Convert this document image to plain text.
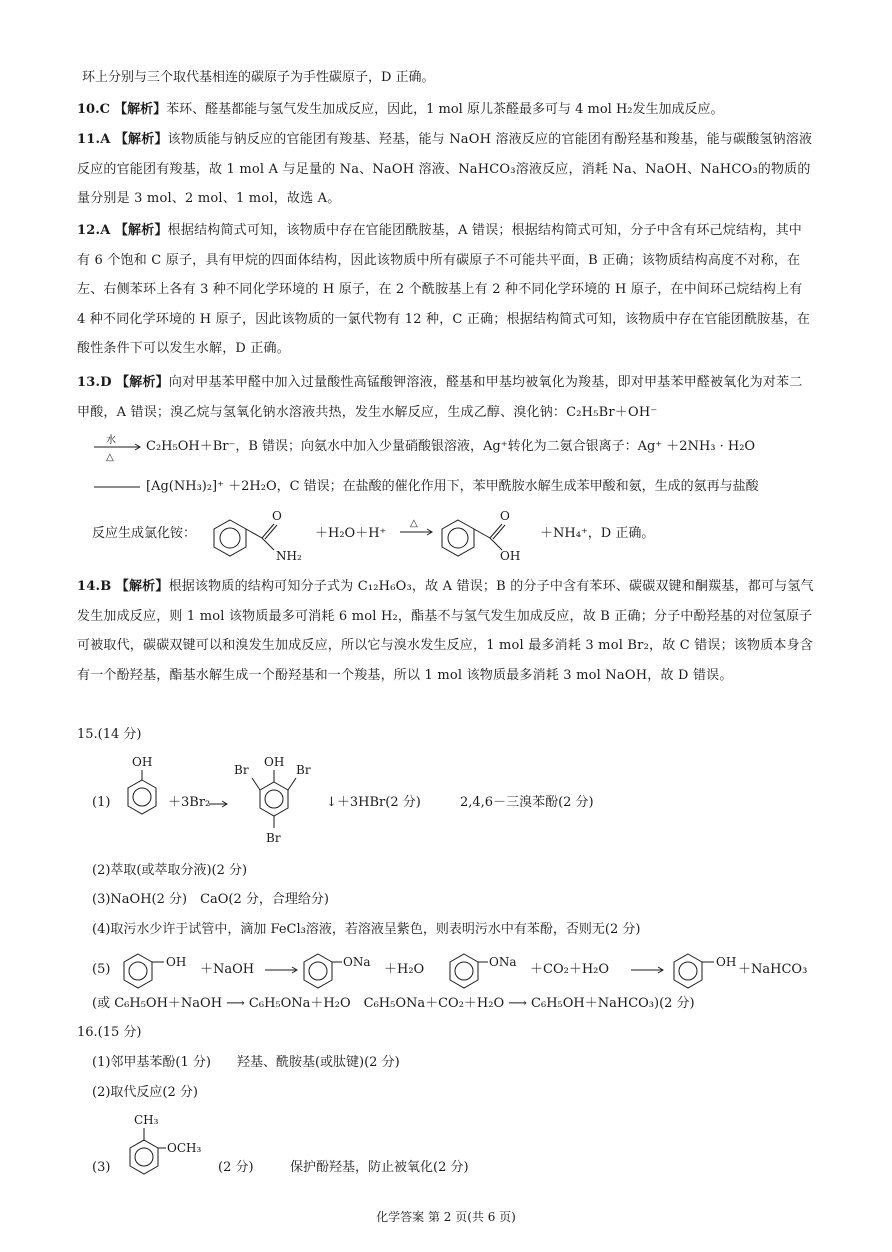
环上分别与三个取代基相连的碳原子为手性碳原子，D 正确。
10.C 【解析】苯环、醛基都能与氢气发生加成反应，因此，1 mol 原儿茶醛最多可与 4 mol H₂发生加成反应。
11.A 【解析】该物质能与钠反应的官能团有羧基、羟基，能与 NaOH 溶液反应的官能团有酚羟基和羧基，能与碳酸氢钠溶液反应的官能团有羧基，故 1 mol A 与足量的 Na、NaOH 溶液、NaHCO₃溶液反应，消耗 Na、NaOH、NaHCO₃的物质的量分别是 3 mol、2 mol、1 mol，故选 A。
12.A 【解析】根据结构简式可知，该物质中存在官能团酰胺基，A 错误；根据结构简式可知，分子中含有环己烷结构，其中有 6 个饱和 C 原子，具有甲烷的四面体结构，因此该物质中所有碳原子不可能共平面，B 正确；该物质结构高度不对称，在左、右侧苯环上各有 3 种不同化学环境的 H 原子，在 2 个酰胺基上有 2 种不同化学环境的 H 原子，在中间环己烷结构上有 4 种不同化学环境的 H 原子，因此该物质的一氯代物有 12 种，C 正确；根据结构简式可知，该物质中存在官能团酰胺基，在酸性条件下可以发生水解，D 正确。
13.D 【解析】向对甲基苯甲醛中加入过量酸性高锰酸钾溶液，醛基和甲基均被氧化为羧基，即对甲基苯甲醛被氧化为对苯二甲酸，A 错误；溴乙烷与氢氧化钠水溶液共热，发生水解反应，生成乙醇、溴化钠：C₂H₅Br＋OH⁻
水
△
C₂H₅OH＋Br⁻，B 错误；向氨水中加入少量硝酸银溶液，Ag⁺转化为二氨合银离子：Ag⁺ ＋2NH₃ · H₂O
[Ag(NH₃)₂]⁺ ＋2H₂O，C 错误；在盐酸的催化作用下，苯甲酰胺水解生成苯甲酸和氨，生成的氨再与盐酸
反应生成氯化铵：
O
NH₂
＋H₂O＋H⁺
△
O
OH
＋NH₄⁺，D 正确。
14.B 【解析】根据该物质的结构可知分子式为 C₁₂H₆O₃，故 A 错误；B 的分子中含有苯环、碳碳双键和酮羰基，都可与氢气发生加成反应，则 1 mol 该物质最多可消耗 6 mol H₂，酯基不与氢气发生加成反应，故 B 正确；分子中酚羟基的对位氢原子可被取代，碳碳双键可以和溴发生加成反应，所以它与溴水发生反应，1 mol 最多消耗 3 mol Br₂，故 C 错误；该物质本身含有一个酚羟基，酯基水解生成一个酚羟基和一个羧基，所以 1 mol 该物质最多消耗 3 mol NaOH，故 D 错误。
15.(14 分)
(1)
OH
＋3Br₂
Br
OH
Br
Br
↓＋3HBr(2 分)	2,4,6－三溴苯酚(2 分)
(2)萃取(或萃取分液)(2 分)
(3)NaOH(2 分)　CaO(2 分，合理给分)
(4)取污水少许于试管中，滴加 FeCl₃溶液，若溶液呈紫色，则表明污水中有苯酚，否则无(2 分)
(5)	OH ＋NaOH →	ONa ＋H₂O	ONa ＋CO₂＋H₂O →	OH ＋NaHCO₃
(或 C₆H₅OH＋NaOH ⟶ C₆H₅ONa＋H₂O　C₆H₅ONa＋CO₂＋H₂O ⟶ C₆H₅OH＋NaHCO₃)(2 分)
16.(15 分)
(1)邻甲基苯酚(1 分)　　羟基、酰胺基(或肽键)(2 分)
(2)取代反应(2 分)
(3)
CH₃
OCH₃
(2 分)	保护酚羟基，防止被氧化(2 分)
化学答案 第 2 页(共 6 页)
